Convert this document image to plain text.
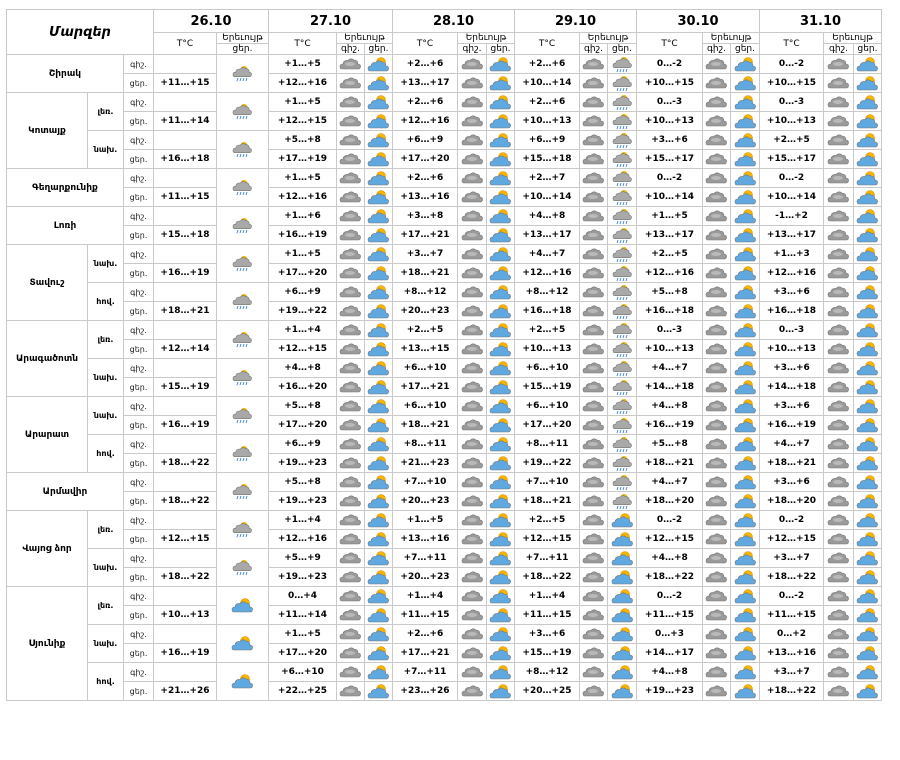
Մարզեր			26.10		27.10			28.10			29.10			30.10			31.10		
			T°C	Երեւույթ	T°C	Երեւույթ		T°C	Երեւույթ		T°C	Երեւույթ		T°C	Երեւույթ		T°C	Երեւույթ	
				ցեր.		գիշ.	ցեր.		գիշ.	ցեր.		գիշ.	ցեր.		գիշ.	ցեր.		գիշ.	ցեր.
Շիրակ		գիշ.			+1…+5			+2…+6			+2…+6			0…-2			0…-2	

		ցեր.	+11…+15		+12…+16			+13…+17			+10…+14			+10…+15			+10…+15	

Կոտայք	լեռ.	գիշ.			+1…+5			+2…+6			+2…+6			0…-3			0…-3	

		ցեր.	+11…+14		+12…+15			+12…+16			+10…+13			+10…+13			+10…+13	

	նախ.	գիշ.			+5…+8			+6…+9			+6…+9			+3…+6			+2…+5	

		ցեր.	+16…+18		+17…+19			+17…+20			+15…+18			+15…+17			+15…+17	

Գեղարքունիք		գիշ.			+1…+5			+2…+6			+2…+7			0…-2			0…-2	

		ցեր.	+11…+15		+12…+16			+13…+16			+10…+14			+10…+14			+10…+14	

Լոռի		գիշ.			+1…+6			+3…+8			+4…+8			+1…+5			-1…+2	

		ցեր.	+15…+18		+16…+19			+17…+21			+13…+17			+13…+17			+13…+17	

Տավուշ	նախ.	գիշ.			+1…+5			+3…+7			+4…+7			+2…+5			+1…+3	

		ցեր.	+16…+19		+17…+20			+18…+21			+12…+16			+12…+16			+12…+16	

	հով.	գիշ.			+6…+9			+8…+12			+8…+12			+5…+8			+3…+6	

		ցեր.	+18…+21		+19…+22			+20…+23			+16…+18			+16…+18			+16…+18	

Արագածոտն	լեռ.	գիշ.			+1…+4			+2…+5			+2…+5			0…-3			0…-3	

		ցեր.	+12…+14		+12…+15			+13…+15			+10…+13			+10…+13			+10…+13	

	նախ.	գիշ.			+4…+8			+6…+10			+6…+10			+4…+7			+3…+6	

		ցեր.	+15…+19		+16…+20			+17…+21			+15…+19			+14…+18			+14…+18	

Արարատ	նախ.	գիշ.			+5…+8			+6…+10			+6…+10			+4…+8			+3…+6	

		ցեր.	+16…+19		+17…+20			+18…+21			+17…+20			+16…+19			+16…+19	

	հով.	գիշ.			+6…+9			+8…+11			+8…+11			+5…+8			+4…+7	

		ցեր.	+18…+22		+19…+23			+21…+23			+19…+22			+18…+21			+18…+21	

Արմավիր		գիշ.			+5…+8			+7…+10			+7…+10			+4…+7			+3…+6	

		ցեր.	+18…+22		+19…+23			+20…+23			+18…+21			+18…+20			+18…+20	

Վայոց ձոր	լեռ.	գիշ.			+1…+4			+1…+5			+2…+5			0…-2			0…-2	

		ցեր.	+12…+15		+12…+16			+13…+16			+12…+15			+12…+15			+12…+15	

	նախ.	գիշ.			+5…+9			+7…+11			+7…+11			+4…+8			+3…+7	

		ցեր.	+18…+22		+19…+23			+20…+23			+18…+22			+18…+22			+18…+22	

Սյունիք	լեռ.	գիշ.			0…+4			+1…+4			+1…+4			0…-2			0…-2	

		ցեր.	+10…+13		+11…+14			+11…+15			+11…+15			+11…+15			+11…+15	

	նախ.	գիշ.			+1…+5			+2…+6			+3…+6			0…+3			0…+2	

		ցեր.	+16…+19		+17…+20			+17…+21			+15…+19			+14…+17			+13…+16	

	հով.	գիշ.			+6…+10			+7…+11			+8…+12			+4…+8			+3…+7	

		ցեր.	+21…+26		+22…+25			+23…+26			+20…+25			+19…+23			+18…+22	
